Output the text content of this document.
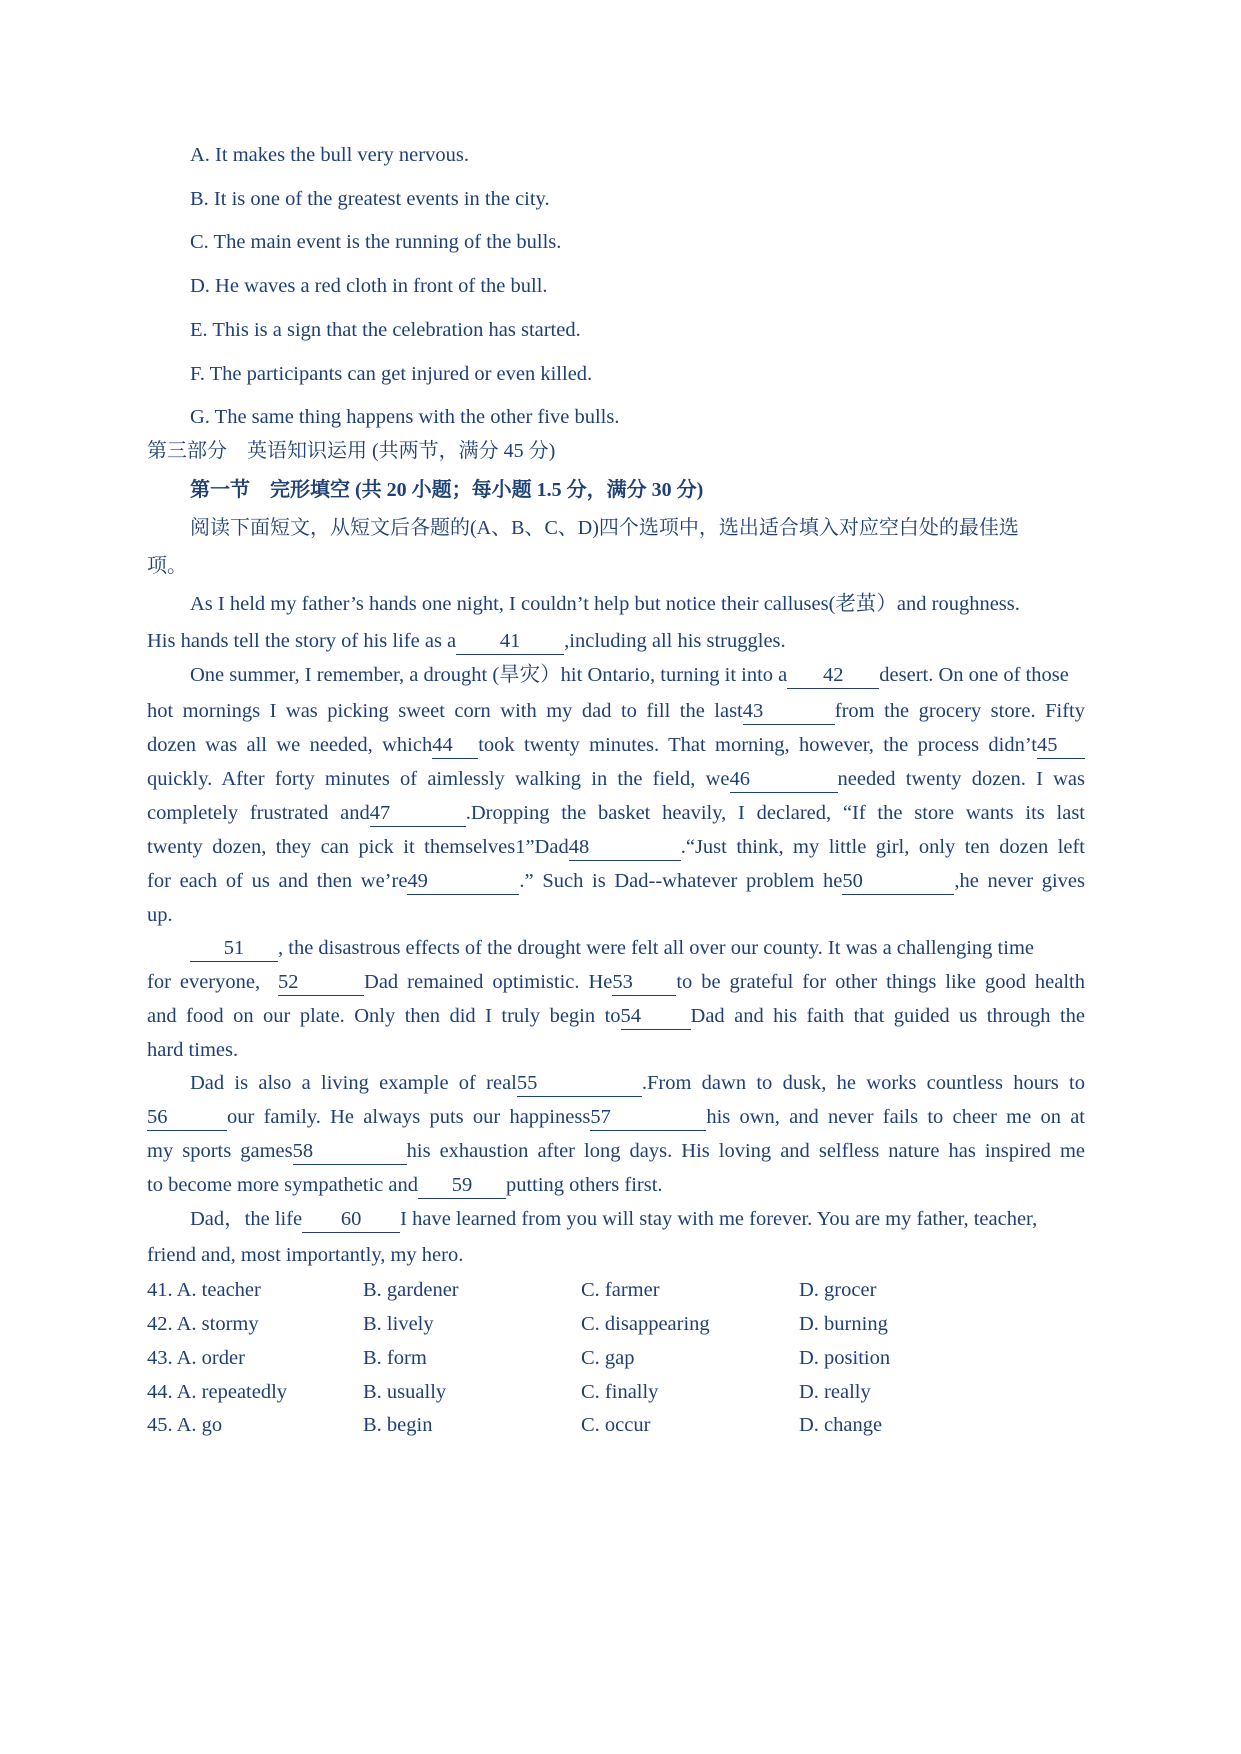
A. It makes the bull very nervous.
B. It is one of the greatest events in the city.
C. The main event is the running of the bulls.
D. He waves a red cloth in front of the bull.
E. This is a sign that the celebration has started.
F. The participants can get injured or even killed.
G. The same thing happens with the other five bulls.
第三部分　英语知识运用 (共两节，满分 45 分)
第一节　完形填空 (共 20 小题；每小题 1.5 分，满分 30 分)
阅读下面短文，从短文后各题的(A、B、C、D)四个选项中，选出适合填入对应空白处的最佳选
项。
As I held my father’s hands one night, I couldn’t help but notice their calluses(老茧）and roughness.
His hands tell the story of his life as a 41 ,including all his struggles.
One summer, I remember, a drought (旱灾）hit Ontario, turning it into a 42 desert. On one of those
hot mornings I was picking sweet corn with my dad to fill the last43	from the grocery store. Fifty
dozen was all we needed, which44 took twenty minutes. That morning, however, the process didn’t45
quickly. After forty minutes of aimlessly walking in the field, we46	needed twenty dozen. I was
completely frustrated and47	.Dropping the basket heavily, I declared, “If the store wants its last
twenty dozen, they can pick it themselves1”Dad48	.“Just think, my little girl, only ten dozen left
for each of us and then we’re49	.” Such is Dad--whatever problem he50	,he never gives
up.
51 , the disastrous effects of the drought were felt all over our county. It was a challenging time
for everyone, 52	Dad remained optimistic. He53 to be grateful for other things like good health
and food on our plate. Only then did I truly begin to54 Dad and his faith that guided us through the
hard times.
Dad is also a living example of real55	.From dawn to dusk, he works countless hours to
56	our family. He always puts our happiness57	his own, and never fails to cheer me on at
my sports games58	his exhaustion after long days. His loving and selfless nature has inspired me
to become more sympathetic and 59 putting others first.
Dad，the life 60 I have learned from you will stay with me forever. You are my father, teacher,
friend and, most importantly, my hero.
41. A. teacher	B. gardener	C. farmer	D. grocer
42. A. stormy	B. lively	C. disappearing	D. burning
43. A. order	B. form	C. gap	D. position
44. A. repeatedly	B. usually	C. finally	D. really
45. A. go	B. begin	C. occur	D. change
